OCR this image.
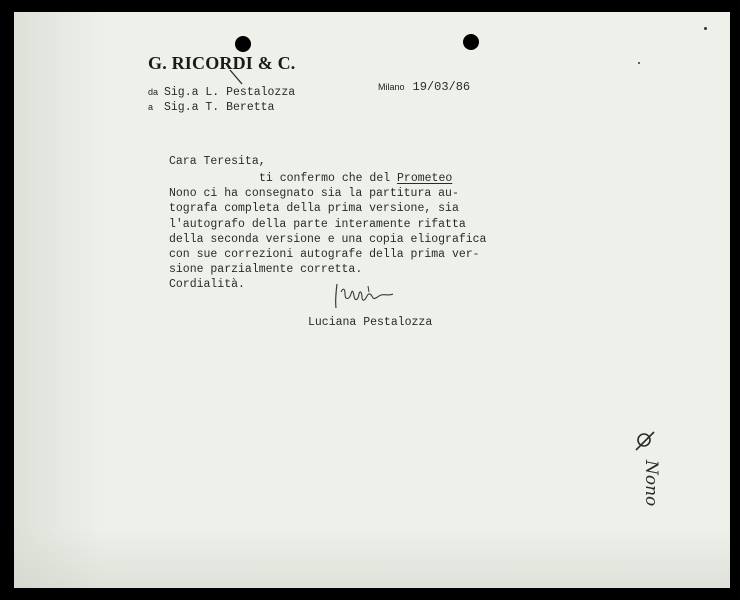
G. RICORDI & C.
da Sig.a L. Pestalozza
a Sig.a T. Beretta
Milano 19/03/86
Cara Teresita,
ti confermo che del Prometeo
Nono ci ha consegnato sia la partitura au-
tografa completa della prima versione, sia
l'autografo della parte interamente rifatta
della seconda versione e una copia eliografica
con sue correzioni autografe della prima ver-
sione parzialmente corretta.
Cordialità.
Luciana Pestalozza
Nono
